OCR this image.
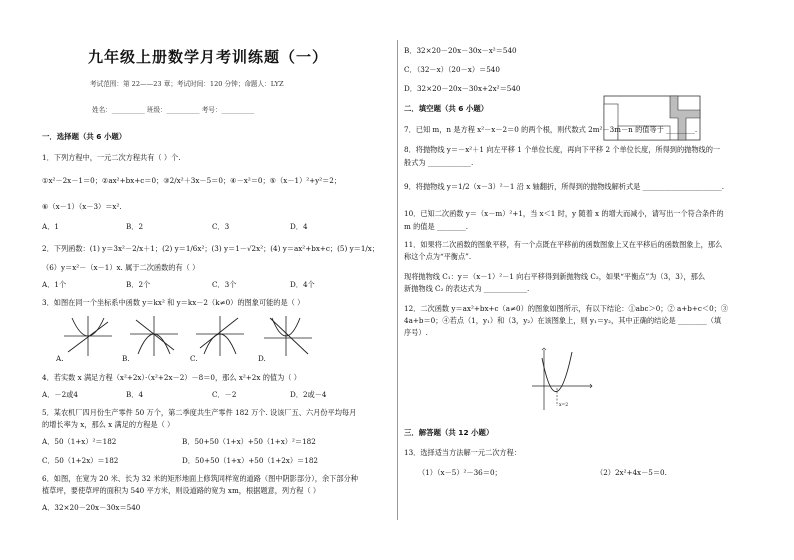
九年级上册数学月考训练题（一）
考试范围：第 22——23 章；考试时间：120 分钟；命题人：LYZ
姓名：__________ 班级：__________ 考号：__________
一．选择题（共 6 小题）
1．下列方程中，一元二次方程共有（ ）个.
①x²－2x－1＝0；②ax²+bx+c＝0；③2/x²＋3x－5＝0；④－x²＝0；⑤（x－1）²+y²＝2；
⑥（x－1）（x－3）＝x².
A．1	B．2	C．3	D．4
2．下列函数：(1) y＝3x²－2/x＋1；(2) y＝1/6x²；(3) y＝1－√2x²；(4) y＝ax²+bx+c；(5) y＝1/x；
（6）y＝x²－（x－1）x. 属于二次函数的有（ ）
A．1个	B．2个	C．3个	D．4个
3．如图在同一个坐标系中函数 y＝kx² 和 y＝kx－2（k≠0）的图象可能的是（ ）
A.	B.	C.	D.
4．若实数 x 满足方程（x²+2x）·（x²+2x－2）－8＝0，那么 x²+2x 的值为（ ）
A．－2或4	B．4	C．－2	D．2或－4
5．某农机厂四月份生产零件 50 万个，第二季度共生产零件 182 万个. 设该厂五、六月份平均每月
的增长率为 x，那么 x 满足的方程是（ ）
A．50（1+x）²＝182	B．50+50（1+x）+50（1+x）²＝182
C．50（1+2x）＝182	D．50+50（1+x）+50（1+2x）＝182
6．如图，在宽为 20 米、长为 32 米的矩形地面上修筑同样宽的道路（图中阴影部分），余下部分种
植草坪，要使草坪的面积为 540 平方米，则设道路的宽为 xm，根据题意，列方程（ ）
A．32×20－20x－30x＝540
B．32×20－20x－30x－x²＝540
C．（32－x）（20－x）＝540
D．32×20－20x－30x+2x²＝540
二．填空题（共 6 小题）
7．已知 m，n 是方程 x²－x－2＝0 的两个根，则代数式 2m²－3m－n 的值等于 ________.
8．将抛物线 y＝－x²＋1 向左平移 1 个单位长度，再向下平移 2 个单位长度，所得到的抛物线的一
般式为 ____________.
9．将抛物线 y＝1/2（x－3）²－1 沿 x 轴翻折，所得到的抛物线解析式是 ______________________.
10．已知二次函数 y＝（x－m）²+1，当 x＜1 时，y 随着 x 的增大而减小，请写出一个符合条件的
m 的值是 ________.
11．如果将二次函数的图象平移，有一个点既在平移前的函数图象上又在平移后的函数图象上，那么
称这个点为“平衡点”.
现将抛物线 C₁：y＝（x－1）²－1 向右平移得到新抛物线 C₂，如果“平衡点”为（3，3），那么
新抛物线 C₂ 的表达式为 ____________.
12．二次函数 y＝ax²+bx+c（a≠0）的图象如图所示，有以下结论：①abc＞0；② a+b+c＜0；③
4a+b＝0；④若点（1，y₁）和（3，y₂）在该图象上，则 y₁＝y₂，其中正确的结论是 ________（填
序号）.
x=2
三．解答题（共 12 小题）
13．选择适当方法解一元二次方程：
（1）（x－5）²－36＝0；	（2）2x²+4x－5＝0.
